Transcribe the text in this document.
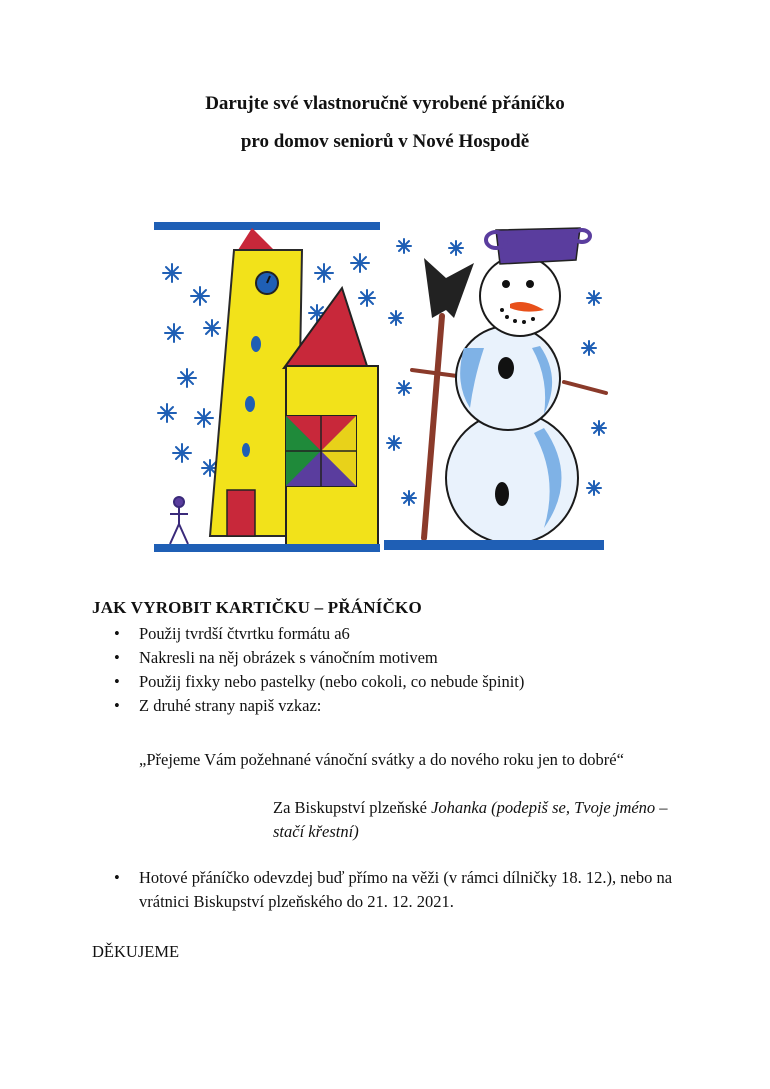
Darujte své vlastnoručně vyrobené přáníčko
pro domov seniorů v Nové Hospodě
JAK VYROBIT KARTIČKU – PŘÁNÍČKO
• Použij tvrdší čtvrtku formátu a6
• Nakresli na něj obrázek s vánočním motivem
• Použij fixky nebo pastelky (nebo cokoli, co nebude špinit)
• Z druhé strany napiš vzkaz:
„Přejeme Vám požehnané vánoční svátky a do nového roku jen to dobré“
Za Biskupství plzeňské Johanka (podepiš se, Tvoje jméno – stačí křestní)
• Hotové přáníčko odevzdej buď přímo na věži (v rámci dílničky 18. 12.), nebo na vrátnici Biskupství plzeňského do 21. 12. 2021.
DĚKUJEME
